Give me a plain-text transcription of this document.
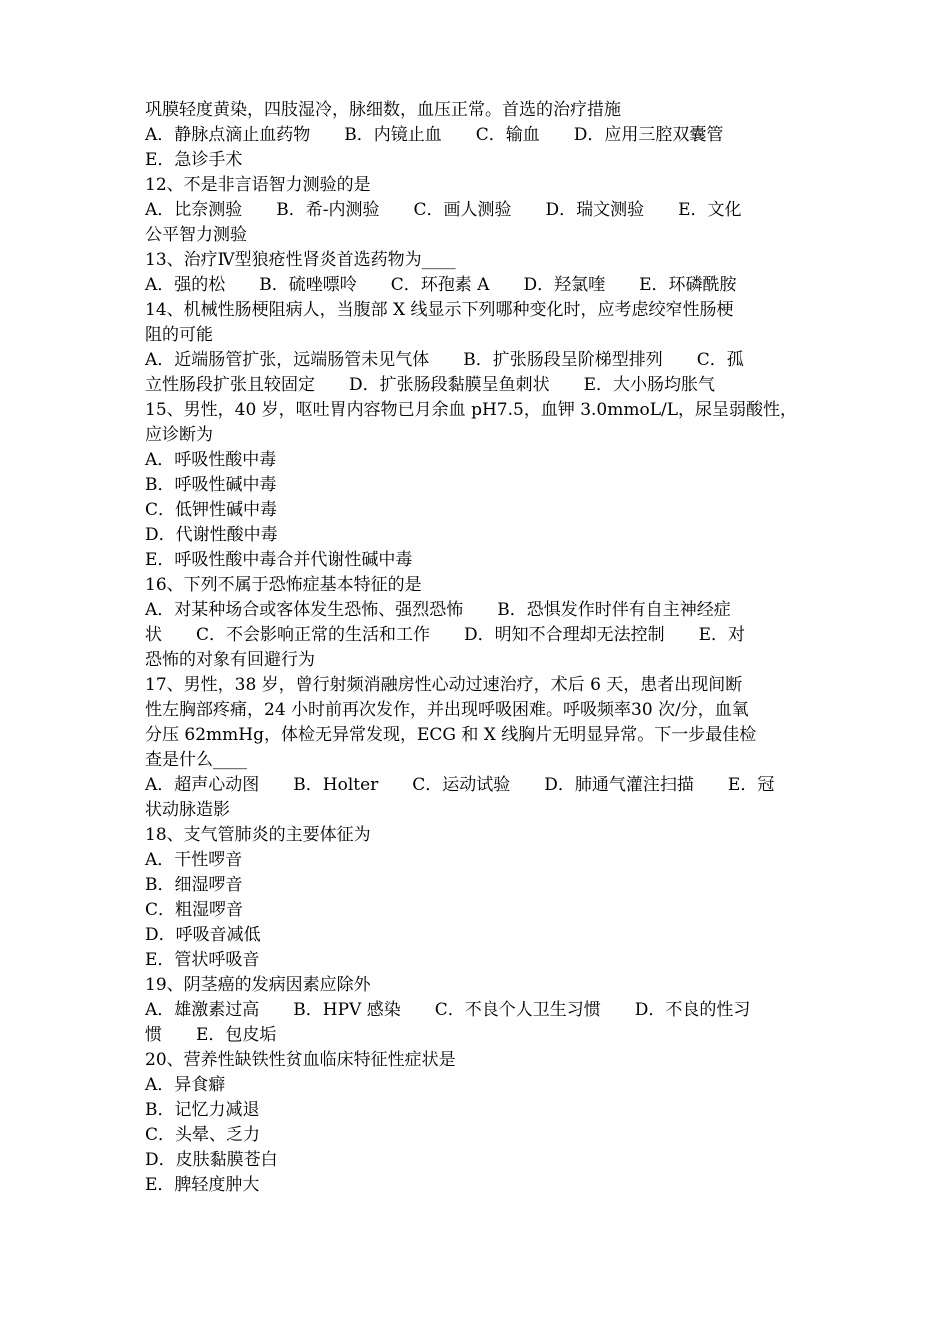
巩膜轻度黄染，四肢湿冷，脉细数，血压正常。首选的治疗措施
A．静脉点滴止血药物　　B．内镜止血　　C．输血　　D．应用三腔双囊管
E．急诊手术
12、不是非言语智力测验的是
A．比奈测验　　B．希-内测验　　C．画人测验　　D．瑞文测验　　E．文化
公平智力测验
13、治疗Ⅳ型狼疮性肾炎首选药物为____
A．强的松　　B．硫唑嘌呤　　C．环孢素 A　　D．羟氯喹　　E．环磷酰胺
14、机械性肠梗阻病人，当腹部 X 线显示下列哪种变化时，应考虑绞窄性肠梗
阻的可能
A．近端肠管扩张，远端肠管未见气体　　B．扩张肠段呈阶梯型排列　　C．孤
立性肠段扩张且较固定　　D．扩张肠段黏膜呈鱼刺状　　E．大小肠均胀气
15、男性，40 岁，呕吐胃内容物已月余血 pH7.5，血钾 3.0mmoL/L，尿呈弱酸性，
应诊断为
A．呼吸性酸中毒
B．呼吸性碱中毒
C．低钾性碱中毒
D．代谢性酸中毒
E．呼吸性酸中毒合并代谢性碱中毒
16、下列不属于恐怖症基本特征的是
A．对某种场合或客体发生恐怖、强烈恐怖　　B．恐惧发作时伴有自主神经症
状　　C．不会影响正常的生活和工作　　D．明知不合理却无法控制　　E．对
恐怖的对象有回避行为
17、男性，38 岁，曾行射频消融房性心动过速治疗，术后 6 天，患者出现间断
性左胸部疼痛，24 小时前再次发作，并出现呼吸困难。呼吸频率30 次/分，血氧
分压 62mmHg，体检无异常发现，ECG 和 X 线胸片无明显异常。下一步最佳检
查是什么____
A．超声心动图　　B．Holter　　C．运动试验　　D．肺通气灌注扫描　　E．冠
状动脉造影
18、支气管肺炎的主要体征为
A．干性啰音
B．细湿啰音
C．粗湿啰音
D．呼吸音减低
E．管状呼吸音
19、阴茎癌的发病因素应除外
A．雄激素过高　　B．HPV 感染　　C．不良个人卫生习惯　　D．不良的性习
惯　　E．包皮垢
20、营养性缺铁性贫血临床特征性症状是
A．异食癖
B．记忆力减退
C．头晕、乏力
D．皮肤黏膜苍白
E．脾轻度肿大
